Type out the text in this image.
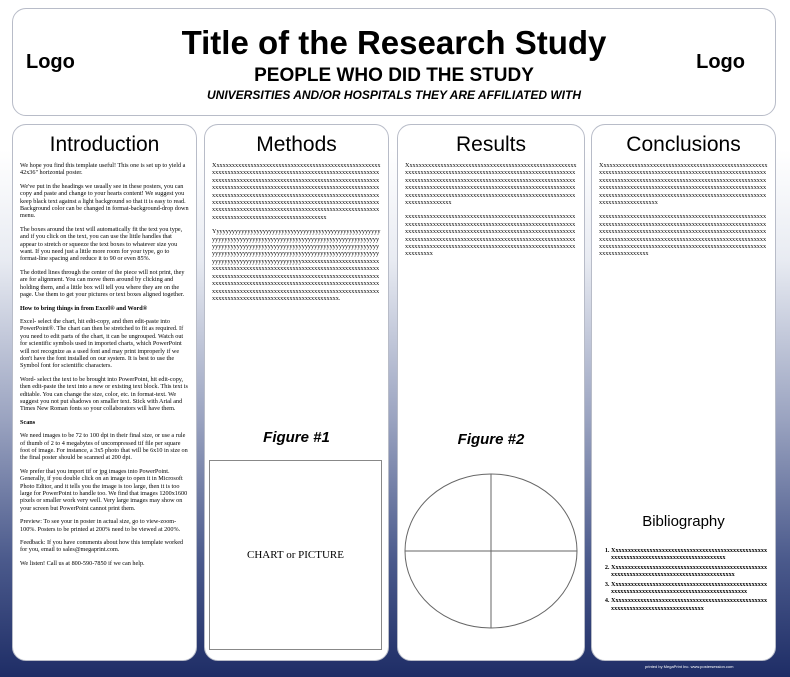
Logo
Title of the Research Study
PEOPLE WHO DID THE STUDY
UNIVERSITIES AND/OR HOSPITALS THEY ARE AFFILIATED WITH
Logo
Introduction

We hope you find this template useful! This one is set up to yield a 42x36" horizontal poster.

We've put in the headings we usually see in these posters, you can copy and paste and change to your hearts content! We suggest you keep black text against a light background so that it is easy to read. Background color can be changed in format-background-drop down menu.

The boxes around the text will automatically fit the text you type, and if you click on the text, you can use the little handles that appear to stretch or squeeze the text boxes to whatever size you want. If you need just a little more room for your type, go to format-line spacing and reduce it to 90 or even 85%.

The dotted lines through the center of the piece will not print, they are for alignment. You can move them around by clicking and holding them, and a little box will tell you where they are on the page. Use them to get your pictures or text boxes aligned together.

How to bring things in from Excel® and Word®

Excel- select the chart, hit edit-copy, and then edit-paste into PowerPoint®. The chart can then be stretched to fit as required. If you need to edit parts of the chart, it can be ungrouped. Watch out for scientific symbols used in imported charts, which PowerPoint will not recognize as a used font and may print improperly if we don't have the font installed on our system. It is best to use the Symbol font for scientific characters.

Word- select the text to be brought into PowerPoint, hit edit-copy, then edit-paste the text into a new or existing text block. This text is editable. You can change the size, color, etc. in format-text. We suggest you not put shadows on smaller text. Stick with Arial and Times New Roman fonts so your collaborators will have them.

Scans

We need images to be 72 to 100 dpi in their final size, or use a rule of thumb of 2 to 4 megabytes of uncompressed tif file per square foot of image. For instance, a 3x5 photo that will be 6x10 in size on the final poster should be scanned at 200 dpi.

We prefer that you import tif or jpg images into PowerPoint. Generally, if you double click on an image to open it in Microsoft Photo Editor, and it tells you the image is too large, then it is too large for PowerPoint to handle too. We find that images 1200x1600 pixels or smaller work very well. Very large images may show on your screen but PowerPoint cannot print them.

Preview: To see your in poster in actual size, go to view-zoom-100%. Posters to be printed at 200% need to be viewed at 200%.

Feedback: If you have comments about how this template worked for you, email to sales@megaprint.com.

We listen! Call us at 800-590-7850 if we can help.

Methods

Xxxxxxxxxxxxxxxxxxxxxxxxxxxxxxxxxxxxxxxxxxxxxxxxxxxxxxxxxxxxxxxxxxxxxxxxxxxxxxxxxxxxxxxxxxxxxxxxxxxxxxxxxxxxxxxxxxxxxxxxxxxxxxxxxxxxxxxxxxxxxxxxxxxxxxxxxxxxxxxxxxxxxxxxxxxxxxxxxxxxxxxxxxxxxxxxxxxxxxxxxxxxxxxxxxxxxxxxxxxxxxxxxxxxxxxxxxxxxxxxxxxxxxxxxxxxxxxxxxxxxxxxxxxxxxxxxxxxxxxxxxxxxxxxxxxxxxxxxxxxxxxxxxxxxxxxxxxxxxxxxxxxxxxxxxxxxxxxxxxxxxxxxxxxxxxxxxxxxxxxxxxxxxxxxxxxxxxxxxxxxxxxxxxxxxxxxxxxxxxxxxxxxxxxxxxxxxx

Yyyyyyyyyyyyyyyyyyyyyyyyyyyyyyyyyyyyyyyyyyyyyyyyyyyyyyyyyyyyyyyyyyyyyyyyyyyyyyyyyyyyyyyyyyyyyyyyyyyyyyyyyyyyyyyyyyyyyyyyyyyyyyyyyyyyyyyyyyyyyyyyyyyyyyyyyyyyyyyyyyyyyyyyyyyyyyyyyyyyyyyyyyyyyyyyyyyyyyyyyyyyyyyyyyyyyyyyyyyyyyyyyyyyyyyyyyyyyyyyyyyyyxxxxxxxxxxxxxxxxxxxxxxxxxxxxxxxxxxxxxxxxxxxxxxxxxxxxxxxxxxxxxxxxxxxxxxxxxxxxxxxxxxxxxxxxxxxxxxxxxxxxxxxxxxxxxxxxxxxxxxxxxxxxxxxxxxxxxxxxxxxxxxxxxxxxxxxxxxxxxxxxxxxxxxxxxxxxxxxxxxxxxxxxxxxxxxxxxxxxxxxxxxxxxxxxxxxxxxxxxxxxxxxxxxxxxxxxxxxxxxxxxxxxxxxxxxxxxxxxxxxxxxxxxxxxxxxxxxxxxxxxxx.

Figure #1
CHART or PICTURE
Results

Xxxxxxxxxxxxxxxxxxxxxxxxxxxxxxxxxxxxxxxxxxxxxxxxxxxxxxxxxxxxxxxxxxxxxxxxxxxxxxxxxxxxxxxxxxxxxxxxxxxxxxxxxxxxxxxxxxxxxxxxxxxxxxxxxxxxxxxxxxxxxxxxxxxxxxxxxxxxxxxxxxxxxxxxxxxxxxxxxxxxxxxxxxxxxxxxxxxxxxxxxxxxxxxxxxxxxxxxxxxxxxxxxxxxxxxxxxxxxxxxxxxxxxxxxxxxxxxxxxxxxxxxxxxxxxxxxxxxxxxxxxxxxxxxxx

xxxxxxxxxxxxxxxxxxxxxxxxxxxxxxxxxxxxxxxxxxxxxxxxxxxxxxxxxxxxxxxxxxxxxxxxxxxxxxxxxxxxxxxxxxxxxxxxxxxxxxxxxxxxxxxxxxxxxxxxxxxxxxxxxxxxxxxxxxxxxxxxxxxxxxxxxxxxxxxxxxxxxxxxxxxxxxxxxxxxxxxxxxxxxxxxxxxxxxxxxxxxxxxxxxxxxxxxxxxxxxxxxxxxxxxxxxxxxxxxxxxxxxxxxxxxxxxxxxxxxxxxxxxxxxxxxxxxxxxxxxxx

Figure #2
Conclusions

Xxxxxxxxxxxxxxxxxxxxxxxxxxxxxxxxxxxxxxxxxxxxxxxxxxxxxxxxxxxxxxxxxxxxxxxxxxxxxxxxxxxxxxxxxxxxxxxxxxxxxxxxxxxxxxxxxxxxxxxxxxxxxxxxxxxxxxxxxxxxxxxxxxxxxxxxxxxxxxxxxxxxxxxxxxxxxxxxxxxxxxxxxxxxxxxxxxxxxxxxxxxxxxxxxxxxxxxxxxxxxxxxxxxxxxxxxxxxxxxxxxxxxxxxxxxxxxxxxxxxxxxxxxxxxxxxxxxxxxxxxxxxxxxxx

xxxxxxxxxxxxxxxxxxxxxxxxxxxxxxxxxxxxxxxxxxxxxxxxxxxxxxxxxxxxxxxxxxxxxxxxxxxxxxxxxxxxxxxxxxxxxxxxxxxxxxxxxxxxxxxxxxxxxxxxxxxxxxxxxxxxxxxxxxxxxxxxxxxxxxxxxxxxxxxxxxxxxxxxxxxxxxxxxxxxxxxxxxxxxxxxxxxxxxxxxxxxxxxxxxxxxxxxxxxxxxxxxxxxxxxxxxxxxxxxxxxxxxxxxxxxxxxxxxxxxxxxxxxxxxxxxxxxxxxxxxxxxx

Bibliography
1. Xxxxxxxxxxxxxxxxxxxxxxxxxxxxxxxxxxxxxxxxxxxxxxxxxxxxxxxxxxxxxxxxxxxxxxxxxxxxxxxxxxxxxxx
2. Xxxxxxxxxxxxxxxxxxxxxxxxxxxxxxxxxxxxxxxxxxxxxxxxxxxxxxxxxxxxxxxxxxxxxxxxxxxxxxxxxxxxxxxxxx
3. Xxxxxxxxxxxxxxxxxxxxxxxxxxxxxxxxxxxxxxxxxxxxxxxxxxxxxxxxxxxxxxxxxxxxxxxxxxxxxxxxxxxxxxxxxxxxxx
4. Xxxxxxxxxxxxxxxxxxxxxxxxxxxxxxxxxxxxxxxxxxxxxxxxxxxxxxxxxxxxxxxxxxxxxxxxxxxxxxxx
printed by MegaPrint Inc. www.postersession.com
